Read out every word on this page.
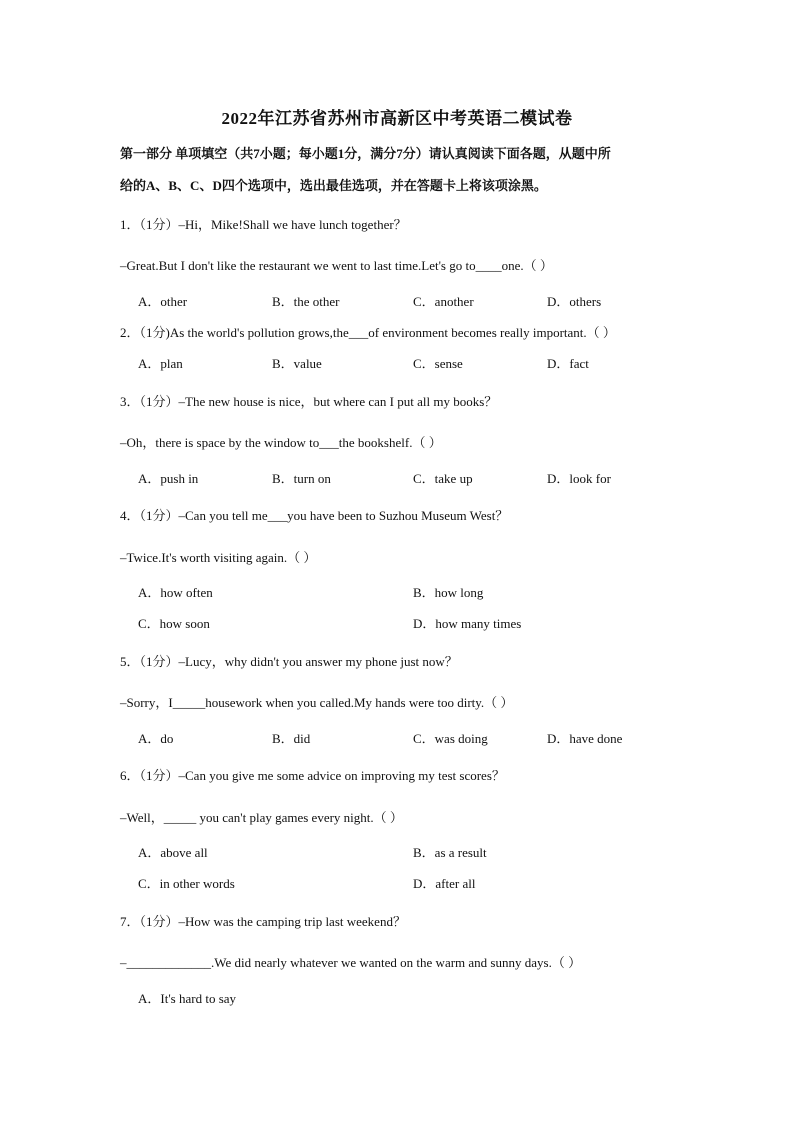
2022年江苏省苏州市高新区中考英语二模试卷
第一部分 单项填空（共7小题；每小题1分，满分7分）请认真阅读下面各题，从题中所
给的A、B、C、D四个选项中，选出最佳选项，并在答题卡上将该项涂黑。
1．（1分）–Hi，Mike!Shall we have lunch together？
–Great.But I don't like the restaurant we went to last time.Let's go to____one.（ ）
A．other	B．the other	C．another	D．others
2．（1分)As the world's pollution grows,the___of environment becomes really important.（ ）
A．plan	B．value	C．sense	D．fact
3．（1分）–The new house is nice，but where can I put all my books？
–Oh，there is space by the window to___the bookshelf.（ ）
A．push in	B．turn on	C．take up	D．look for
4．（1分）–Can you tell me___you have been to Suzhou Museum West？
–Twice.It's worth visiting again.（ ）
A．how often	B．how long
C．how soon	D．how many times
5．（1分）–Lucy，why didn't you answer my phone just now？
–Sorry，I_____housework when you called.My hands were too dirty.（ ）
A．do	B．did	C．was doing	D．have done
6．（1分）–Can you give me some advice on improving my test scores？
–Well，_____ you can't play games every night.（ ）
A．above all	B．as a result
C．in other words	D．after all
7．（1分）–How was the camping trip last weekend？
–_____________.We did nearly whatever we wanted on the warm and sunny days.（ ）
A．It's hard to say
